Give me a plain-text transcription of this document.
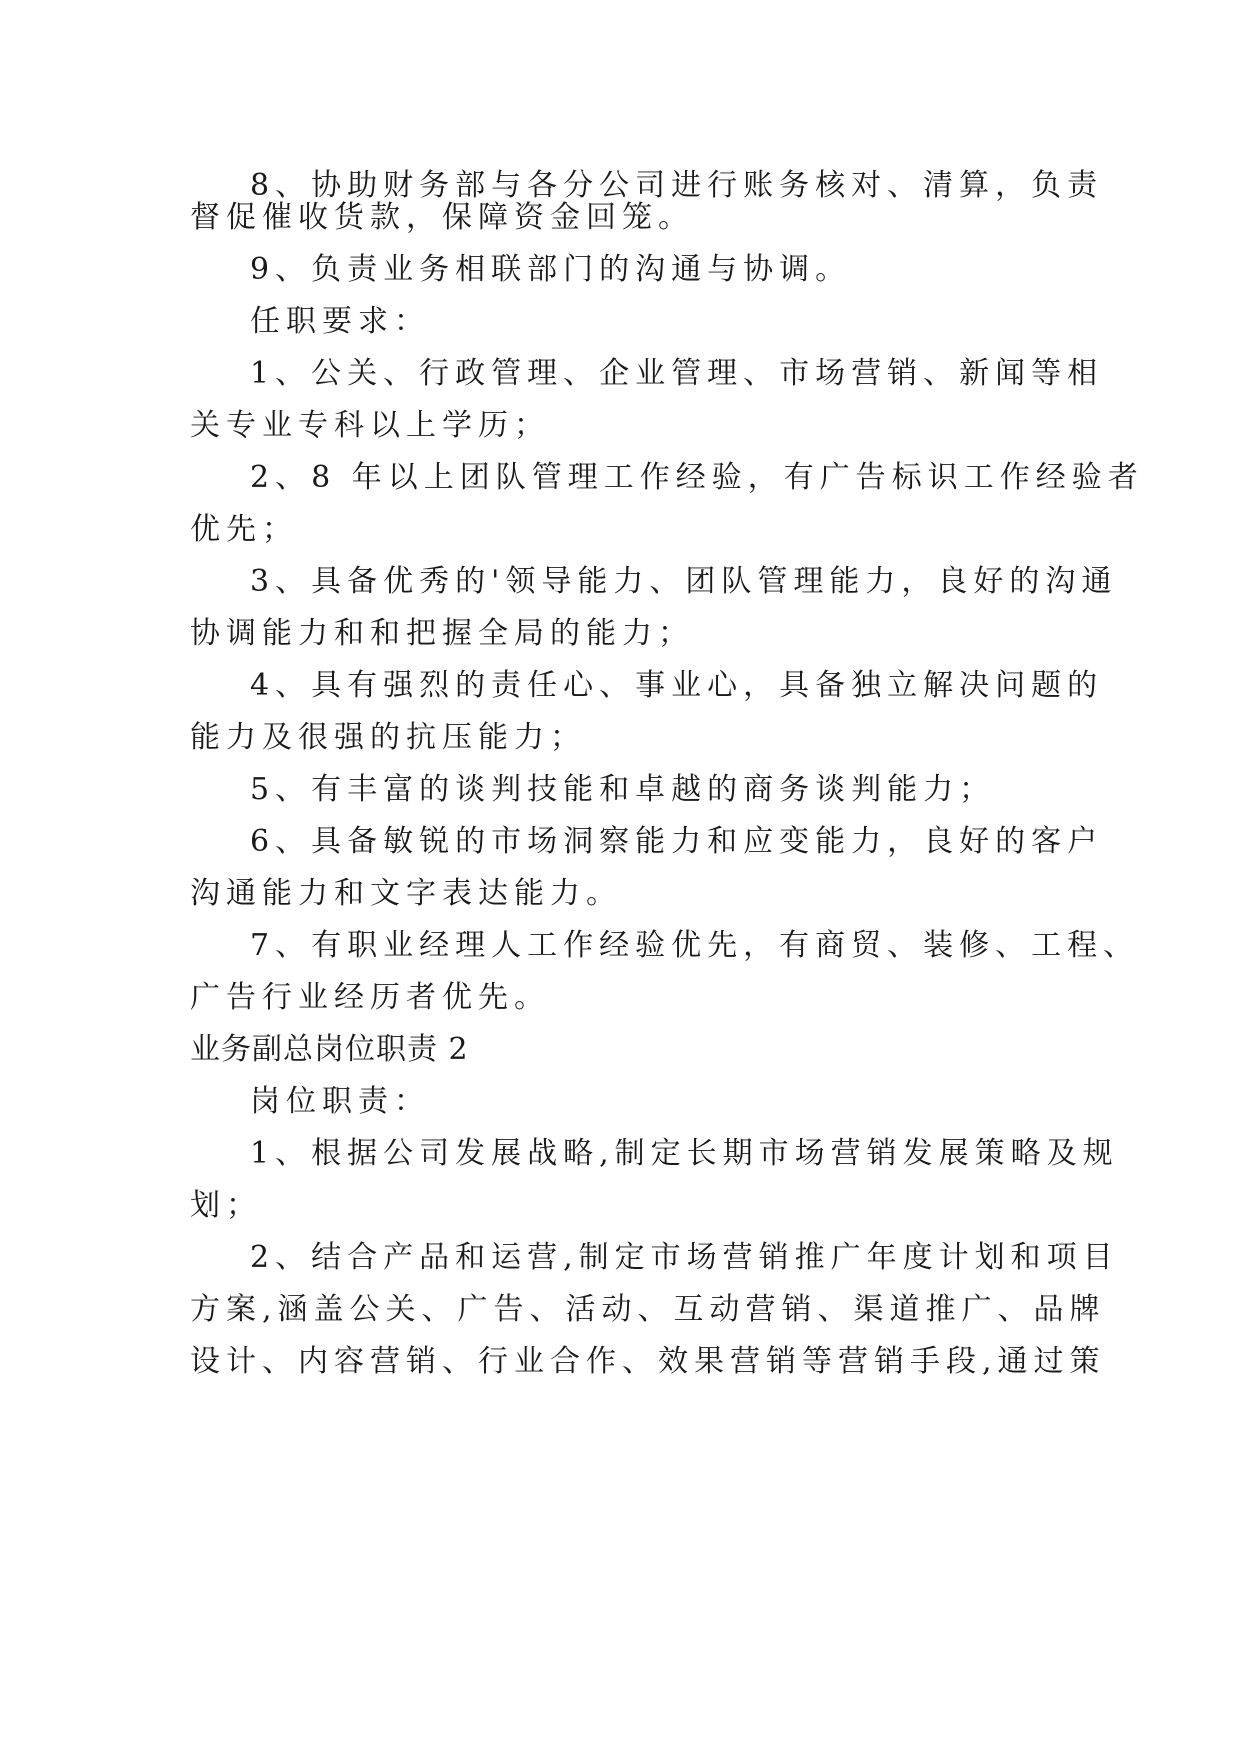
8、协助财务部与各分公司进行账务核对、清算，负责
督促催收货款，保障资金回笼。
9、负责业务相联部门的沟通与协调。
任职要求：
1、公关、行政管理、企业管理、市场营销、新闻等相
关专业专科以上学历；
2、8 年以上团队管理工作经验，有广告标识工作经验者
优先；
3、具备优秀的'领导能力、团队管理能力，良好的沟通
协调能力和和把握全局的能力；
4、具有强烈的责任心、事业心，具备独立解决问题的
能力及很强的抗压能力；
5、有丰富的谈判技能和卓越的商务谈判能力；
6、具备敏锐的市场洞察能力和应变能力，良好的客户
沟通能力和文字表达能力。
7、有职业经理人工作经验优先，有商贸、装修、工程、
广告行业经历者优先。
业务副总岗位职责 2
岗位职责：
1、根据公司发展战略,制定长期市场营销发展策略及规
划；
2、结合产品和运营,制定市场营销推广年度计划和项目
方案,涵盖公关、广告、活动、互动营销、渠道推广、品牌
设计、内容营销、行业合作、效果营销等营销手段,通过策
